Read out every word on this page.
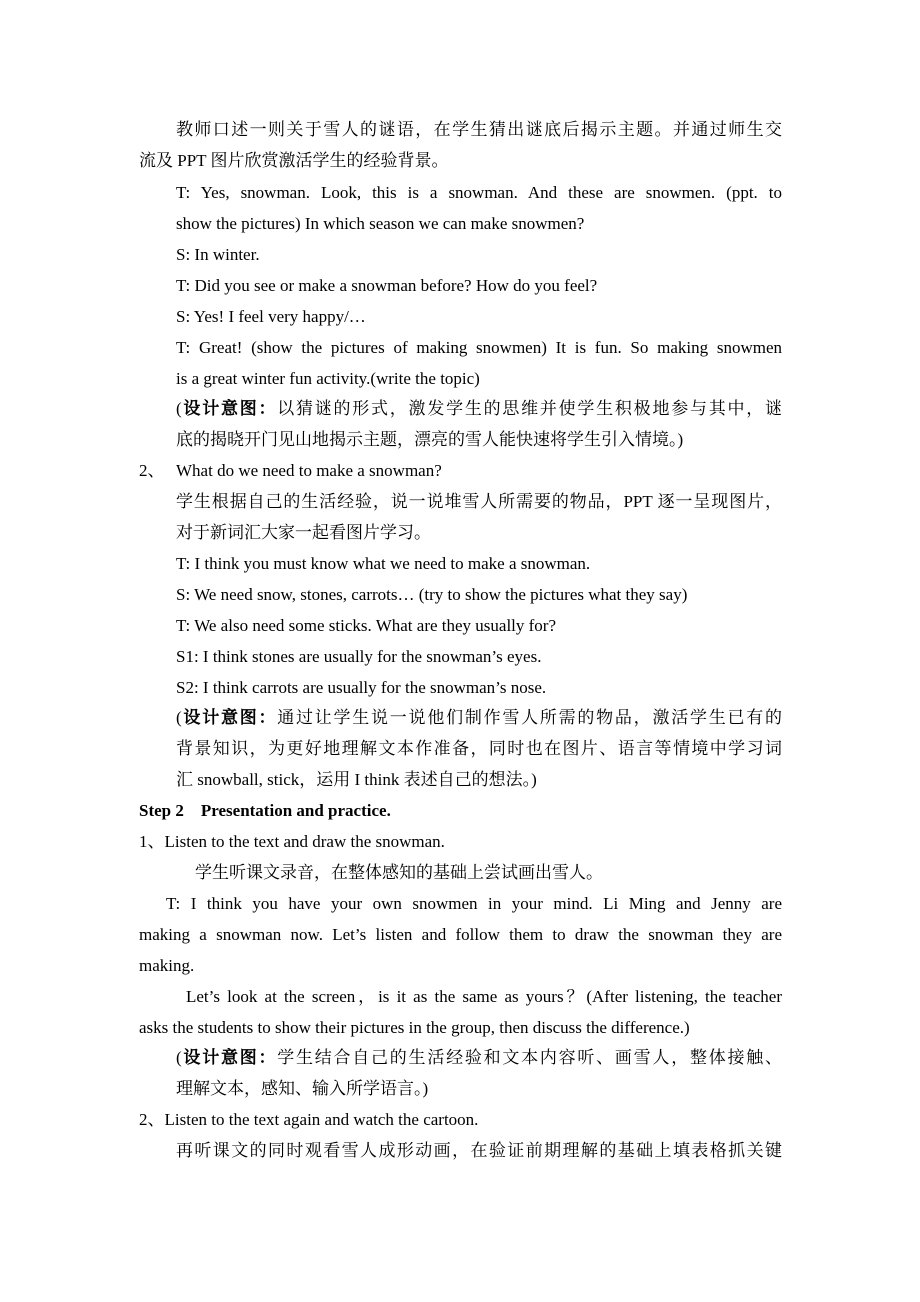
教师口述一则关于雪人的谜语，在学生猜出谜底后揭示主题。并通过师生交
流及 PPT 图片欣赏激活学生的经验背景。
T: Yes, snowman. Look, this is a snowman. And these are snowmen. (ppt. to
show the pictures) In which season we can make snowmen?
S: In winter.
T: Did you see or make a snowman before? How do you feel?
S: Yes! I feel very happy/…
T: Great! (show the pictures of making snowmen) It is fun. So making snowmen
is a great winter fun activity.(write the topic)
(设计意图：以猜谜的形式，激发学生的思维并使学生积极地参与其中，谜
底的揭晓开门见山地揭示主题，漂亮的雪人能快速将学生引入情境。)
2、 What do we need to make a snowman?
学生根据自己的生活经验，说一说堆雪人所需要的物品，PPT 逐一呈现图片，
对于新词汇大家一起看图片学习。
T: I think you must know what we need to make a snowman.
S: We need snow, stones, carrots… (try to show the pictures what they say)
T: We also need some sticks. What are they usually for?
S1: I think stones are usually for the snowman’s eyes.
S2: I think carrots are usually for the snowman’s nose.
(设计意图：通过让学生说一说他们制作雪人所需的物品，激活学生已有的
背景知识，为更好地理解文本作准备，同时也在图片、语言等情境中学习词
汇 snowball, stick，运用 I think 表述自己的想法。)
Step 2    Presentation and practice.
1、Listen to the text and draw the snowman.
学生听课文录音，在整体感知的基础上尝试画出雪人。
T: I think you have your own snowmen in your mind. Li Ming and Jenny are
making a snowman now. Let’s listen and follow them to draw the snowman they are
making.
Let’s look at the screen，is it as the same as yours？(After listening, the teacher
asks the students to show their pictures in the group, then discuss the difference.)
(设计意图：学生结合自己的生活经验和文本内容听、画雪人，整体接触、
理解文本，感知、输入所学语言。)
2、Listen to the text again and watch the cartoon.
再听课文的同时观看雪人成形动画，在验证前期理解的基础上填表格抓关键
